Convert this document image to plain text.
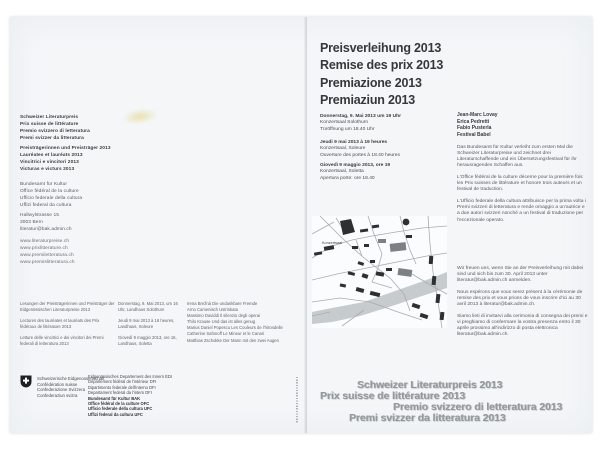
Schweizer Literaturpreis
Prix suisse de littérature
Premio svizzero di letteratura
Premi svizzer da litteratura
Preisträgerinnen und Preisträger 2013
Lauréates et lauréats 2013
Vincitrici e vincitori 2013
Victuras e victurs 2013
Bundesamt für Kultur
Office fédéral de la culture
Ufficio federale della cultura
Uffizi federal da cultura
Hallwylstrasse 15
3003 Bern
literatur@bak.admin.ch
www.literaturpreise.ch
www.prixlitterature.ch
www.premiletteratura.ch
www.premislitteratura.ch
Lesungen der Preisträgerinnen und Preisträger der Eidgenössischen Literaturpreise 2013
Lectures des lauréates et lauréats des Prix fédéraux de littérature 2013
Letture delle vincitrici e dei vincitori dei Premi federali di letteratura 2013
Donnerstag, 9. Mai 2013, um 16 Uhr, Landhaus Solothurn
Jeudi 9 mai 2013 à 16 heures, Landhaus, Soleure
Giovedì 9 maggio 2013, ore 16, Landhaus, Soletta
Irena Brežná Die undankbare Fremde
Arno Camenisch Ustrinkata
Massimo Daviddi Il silenzio degli operai
Thilo Krause Und das ist alles genug
Marius Daniel Popescu Les Couleurs de l'hirondelle
Catherine Safonoff Le Mineur et le Canari
Matthias Zschokke Der Mann mit den zwei Augen
Schweizerische Eidgenossenschaft
Confédération suisse
Confederazione Svizzera
Confederaziun svizra
Eidgenössisches Departement des Innern EDI
Département fédéral de l'intérieur DFI
Dipartimento federale dell'interno DFI
Departament federal da l'intern DFI
Bundesamt für Kultur BAK
Office fédéral de la culture OFC
Ufficio federale della cultura UFC
Uffizi federal da cultura UFC
Preisverleihung 2013
Remise des prix 2013
Premiazione 2013
Premiaziun 2013
Donnerstag, 9. Mai 2013 um 19 Uhr
Konzertsaal Solothurn
Türöffnung um 18.40 Uhr
Jeudi 9 mai 2013 à 19 heures
Konzertsaal, Soleure
Ouverture des portes à 18.40 heures
Giovedì 9 maggio 2013, ore 19
Konzertsaal, Soletta
Apertura porte: ore 18.40
Konzertsaal
Jean-Marc Lovay
Erica Pedretti
Fabio Pusterla
Festival Babel

Das Bundesamt für Kultur verleiht zum ersten Mal die Schweizer Literaturpreise und zeichnet drei Literaturschaffende und ein Übersetzungsfestival für ihr herausragendes Schaffen aus.

L'Office fédéral de la culture décerne pour la première fois les Prix suisses de littérature et honore trois auteurs et un festival de traduction.

L'Ufficio federale della cultura attribuisce per la prima volta i Premi svizzeri di letteratura e rende omaggio a un'autrice e a due autori svizzeri nonché a un festival di traduzione per l'eccezionale operato.

Wir freuen uns, wenn Sie an der Preisverleihung mit dabei sind und sich bis zum 30. April 2013 unter literatur@bak.admin.ch anmelden.

Nous espérons que vous serez présent à la cérémonie de remise des prix et vous prions de vous inscrire d'ici au 30 avril 2013 à literatur@bak.admin.ch.

Siamo lieti di invitarvi alla cerimonia di consegna dei premi e vi preghiamo di confermare la vostra presenza entro il 30 aprile prossimo all'indirizzo di posta elettronica literatur@bak.admin.ch.

Schweizer Literaturpreis 2013
Prix suisse de littérature 2013
Premio svizzero di letteratura 2013
Premi svizzer da litteratura 2013
